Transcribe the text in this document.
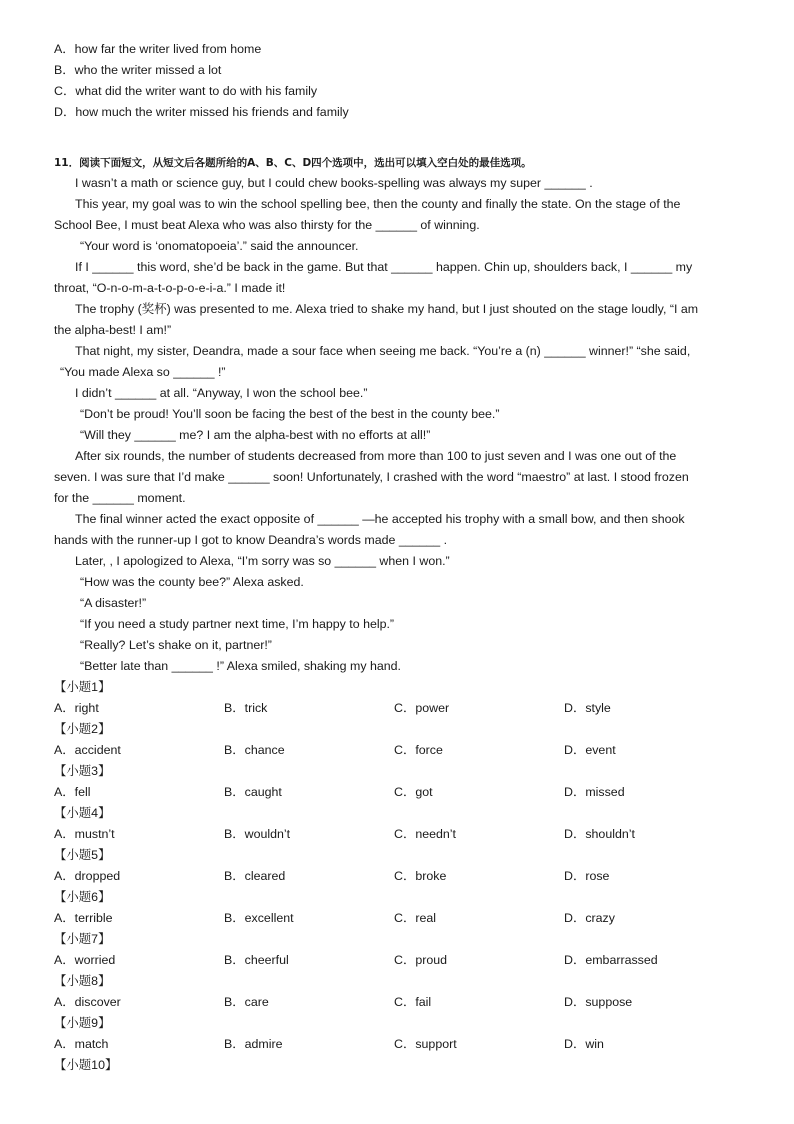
A．how far the writer lived from home
B．who the writer missed a lot
C．what did the writer want to do with his family
D．how much the writer missed his friends and family
11．阅读下面短文，从短文后各题所给的A、B、C、D四个选项中，选出可以填入空白处的最佳选项。
I wasn’t a math or science guy, but I could chew books-spelling was always my super ______ .
This year, my goal was to win the school spelling bee, then the county and finally the state. On the stage of the
School Bee, I must beat Alexa who was also thirsty for the ______ of winning.
“Your word is ‘onomatopoeia’.” said the announcer.
If I ______ this word, she’d be back in the game. But that ______ happen. Chin up, shoulders back, I ______ my
throat, “O-n-o-m-a-t-o-p-o-e-i-a.” I made it!
The trophy (奖杯) was presented to me. Alexa tried to shake my hand, but I just shouted on the stage loudly, “I am
the alpha-best! I am!”
That night, my sister, Deandra, made a sour face when seeing me back. “You’re a (n) ______ winner!” “she said,
“You made Alexa so ______ !”
I didn’t ______ at all. “Anyway, I won the school bee.”
“Don’t be proud! You’ll soon be facing the best of the best in the county bee.”
“Will they ______ me? I am the alpha-best with no efforts at all!”
After six rounds, the number of students decreased from more than 100 to just seven and I was one out of the
seven. I was sure that I’d make ______ soon! Unfortunately, I crashed with the word “maestro” at last. I stood frozen
for the ______ moment.
The final winner acted the exact opposite of ______ —he accepted his trophy with a small bow, and then shook
hands with the runner-up I got to know Deandra’s words made ______ .
Later, , I apologized to Alexa, “I’m sorry was so ______ when I won.”
“How was the county bee?” Alexa asked.
“A disaster!”
“If you need a study partner next time, I’m happy to help.”
“Really? Let’s shake on it, partner!”
“Better late than ______ !” Alexa smiled, shaking my hand.
【小题1】
A．right	B．trick	C．power	D．style
【小题2】
A．accident	B．chance	C．force	D．event
【小题3】
A．fell	B．caught	C．got	D．missed
【小题4】
A．mustn’t	B．wouldn’t	C．needn’t	D．shouldn’t
【小题5】
A．dropped	B．cleared	C．broke	D．rose
【小题6】
A．terrible	B．excellent	C．real	D．crazy
【小题7】
A．worried	B．cheerful	C．proud	D．embarrassed
【小题8】
A．discover	B．care	C．fail	D．suppose
【小题9】
A．match	B．admire	C．support	D．win
【小题10】
